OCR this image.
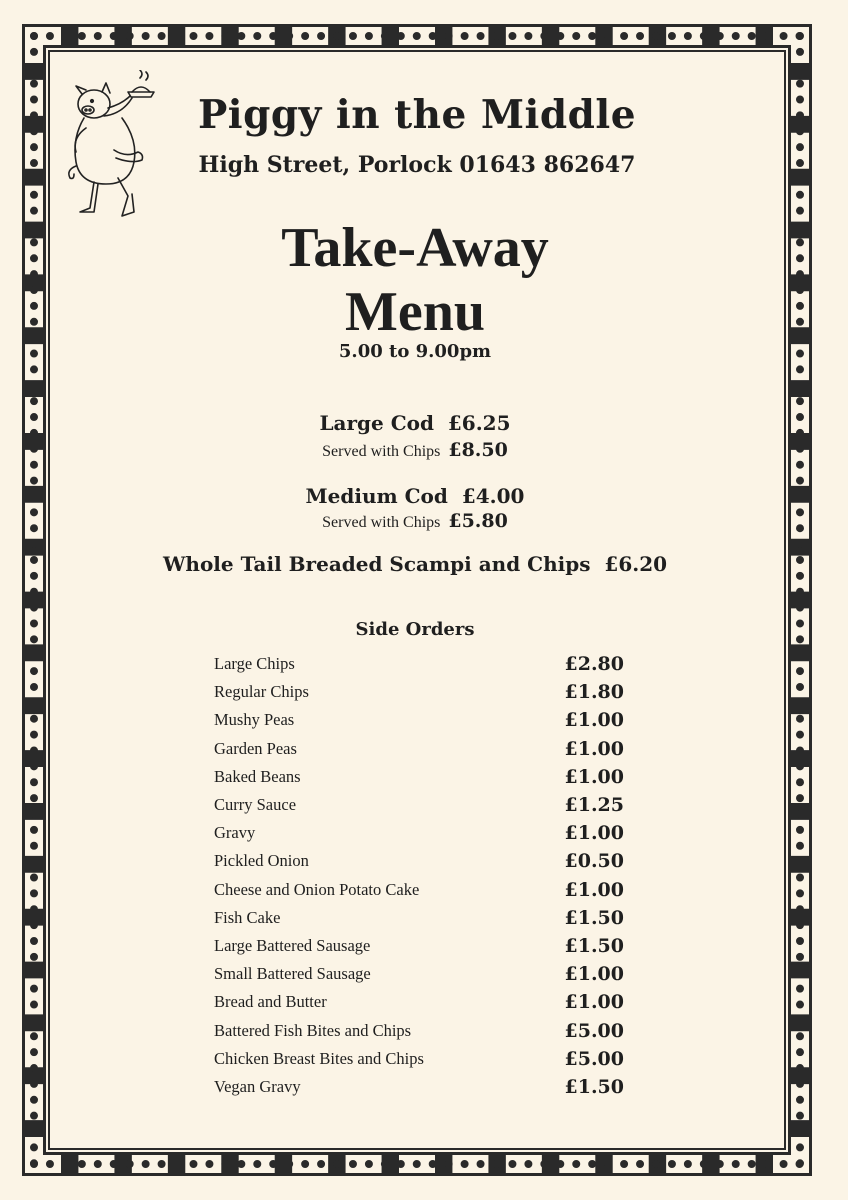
Piggy in the Middle
High Street, Porlock 01643 862647
Take-Away
Menu
5.00 to 9.00pm
Large Cod £6.25
Served with Chips £8.50
Medium Cod £4.00
Served with Chips £5.80
Whole Tail Breaded Scampi and Chips £6.20
Side Orders
Large Chips	£2.80
Regular Chips	£1.80
Mushy Peas	£1.00
Garden Peas	£1.00
Baked Beans	£1.00
Curry Sauce	£1.25
Gravy	£1.00
Pickled Onion	£0.50
Cheese and Onion Potato Cake	£1.00
Fish Cake	£1.50
Large Battered Sausage	£1.50
Small Battered Sausage	£1.00
Bread and Butter	£1.00
Battered Fish Bites and Chips	£5.00
Chicken Breast Bites and Chips	£5.00
Vegan Gravy	£1.50
